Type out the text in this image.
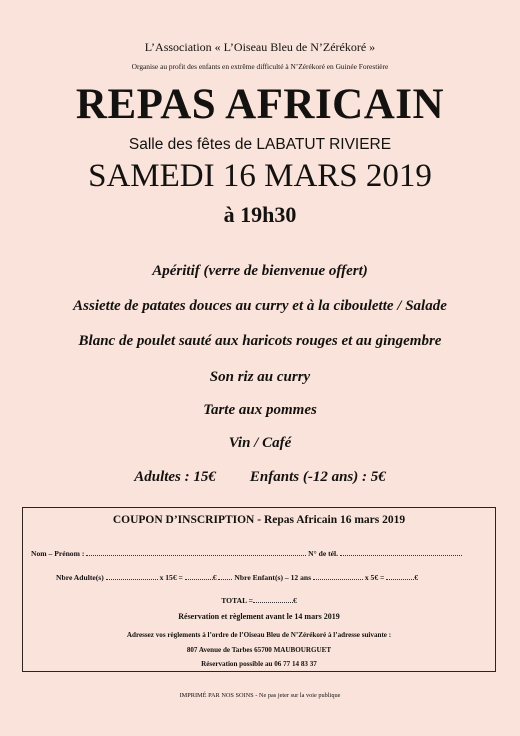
L’Association « L’Oiseau Bleu de N’Zérékoré »
Organise au profit des enfants en extrême difficulté à N’Zérékoré en Guinée Forestière
REPAS AFRICAIN
Salle des fêtes de LABATUT RIVIERE
SAMEDI 16 MARS 2019
à 19h30
Apéritif (verre de bienvenue offert)
Assiette de patates douces au curry et à la ciboulette / Salade
Blanc de poulet sauté aux haricots rouges et au gingembre
Son riz au curry
Tarte aux pommes
Vin / Café
Adultes : 15€ Enfants (-12 ans) : 5€
COUPON D’INSCRIPTION - Repas Africain 16 mars 2019
Nom – Prénom :	N° de tél.
Nbre Adulte(s)	x 15€ =	€  Nbre Enfant(s) – 12 ans	x 5€ =	€
TOTAL =	€
Réservation et règlement avant le 14 mars 2019
Adressez vos règlements à l’ordre de l’Oiseau Bleu de N’Zérékoré à l’adresse suivante :
807 Avenue de Tarbes 65700 MAUBOURGUET
Réservation possible au 06 77 14 83 37
IMPRIMÉ PAR NOS SOINS - Ne pas jeter sur la voie publique
